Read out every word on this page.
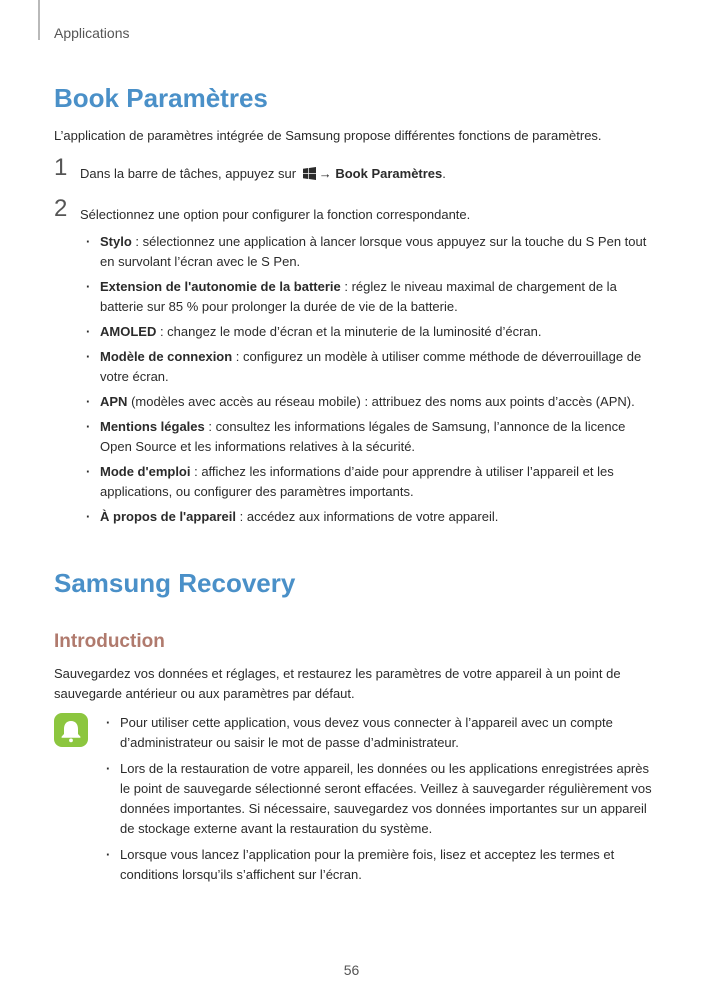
Applications
Book Paramètres
L’application de paramètres intégrée de Samsung propose différentes fonctions de paramètres.
1 Dans la barre de tâches, appuyez sur → Book Paramètres.
2 Sélectionnez une option pour configurer la fonction correspondante.
· Stylo : sélectionnez une application à lancer lorsque vous appuyez sur la touche du S Pen tout en survolant l’écran avec le S Pen.
· Extension de l'autonomie de la batterie : réglez le niveau maximal de chargement de la batterie sur 85 % pour prolonger la durée de vie de la batterie.
· AMOLED : changez le mode d’écran et la minuterie de la luminosité d’écran.
· Modèle de connexion : configurez un modèle à utiliser comme méthode de déverrouillage de votre écran.
· APN (modèles avec accès au réseau mobile) : attribuez des noms aux points d’accès (APN).
· Mentions légales : consultez les informations légales de Samsung, l’annonce de la licence Open Source et les informations relatives à la sécurité.
· Mode d'emploi : affichez les informations d’aide pour apprendre à utiliser l’appareil et les applications, ou configurer des paramètres importants.
· À propos de l'appareil : accédez aux informations de votre appareil.
Samsung Recovery
Introduction
Sauvegardez vos données et réglages, et restaurez les paramètres de votre appareil à un point de sauvegarde antérieur ou aux paramètres par défaut.
· Pour utiliser cette application, vous devez vous connecter à l’appareil avec un compte d’administrateur ou saisir le mot de passe d’administrateur.
· Lors de la restauration de votre appareil, les données ou les applications enregistrées après le point de sauvegarde sélectionné seront effacées. Veillez à sauvegarder régulièrement vos données importantes. Si nécessaire, sauvegardez vos données importantes sur un appareil de stockage externe avant la restauration du système.
· Lorsque vous lancez l’application pour la première fois, lisez et acceptez les termes et conditions lorsqu’ils s’affichent sur l’écran.
56
